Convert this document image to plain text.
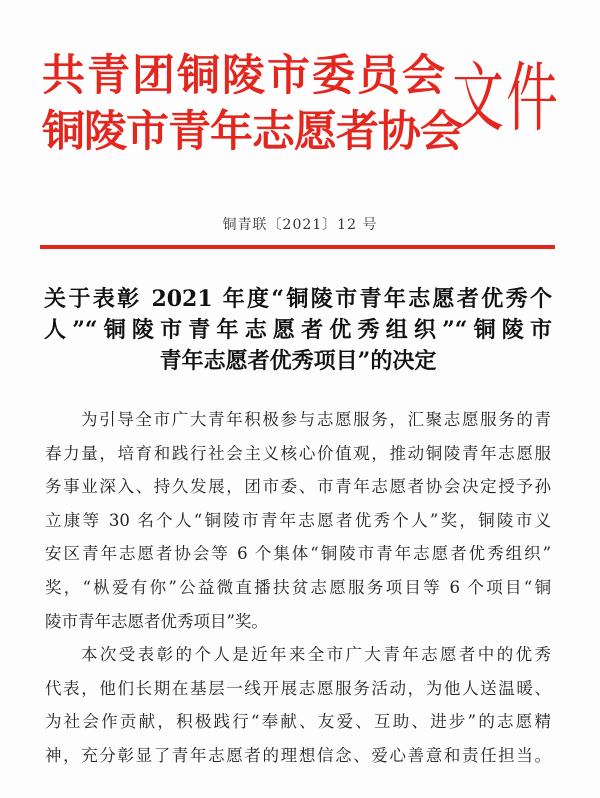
共青团铜陵市委员会
铜陵市青年志愿者协会
文件
铜青联〔2021〕12 号
关于表彰 2021 年度“铜陵市青年志愿者优秀个
人”“铜陵市青年志愿者优秀组织”“铜陵市
青年志愿者优秀项目”的决定
为引导全市广大青年积极参与志愿服务，汇聚志愿服务的青
春力量，培育和践行社会主义核心价值观，推动铜陵青年志愿服
务事业深入、持久发展，团市委、市青年志愿者协会决定授予孙
立康等 30 名个人“铜陵市青年志愿者优秀个人”奖，铜陵市义
安区青年志愿者协会等 6 个集体“铜陵市青年志愿者优秀组织”
奖，“枞爱有你”公益微直播扶贫志愿服务项目等 6 个项目“铜
陵市青年志愿者优秀项目”奖。
本次受表彰的个人是近年来全市广大青年志愿者中的优秀
代表，他们长期在基层一线开展志愿服务活动，为他人送温暖、
为社会作贡献，积极践行“奉献、友爱、互助、进步”的志愿精
神，充分彰显了青年志愿者的理想信念、爱心善意和责任担当。
